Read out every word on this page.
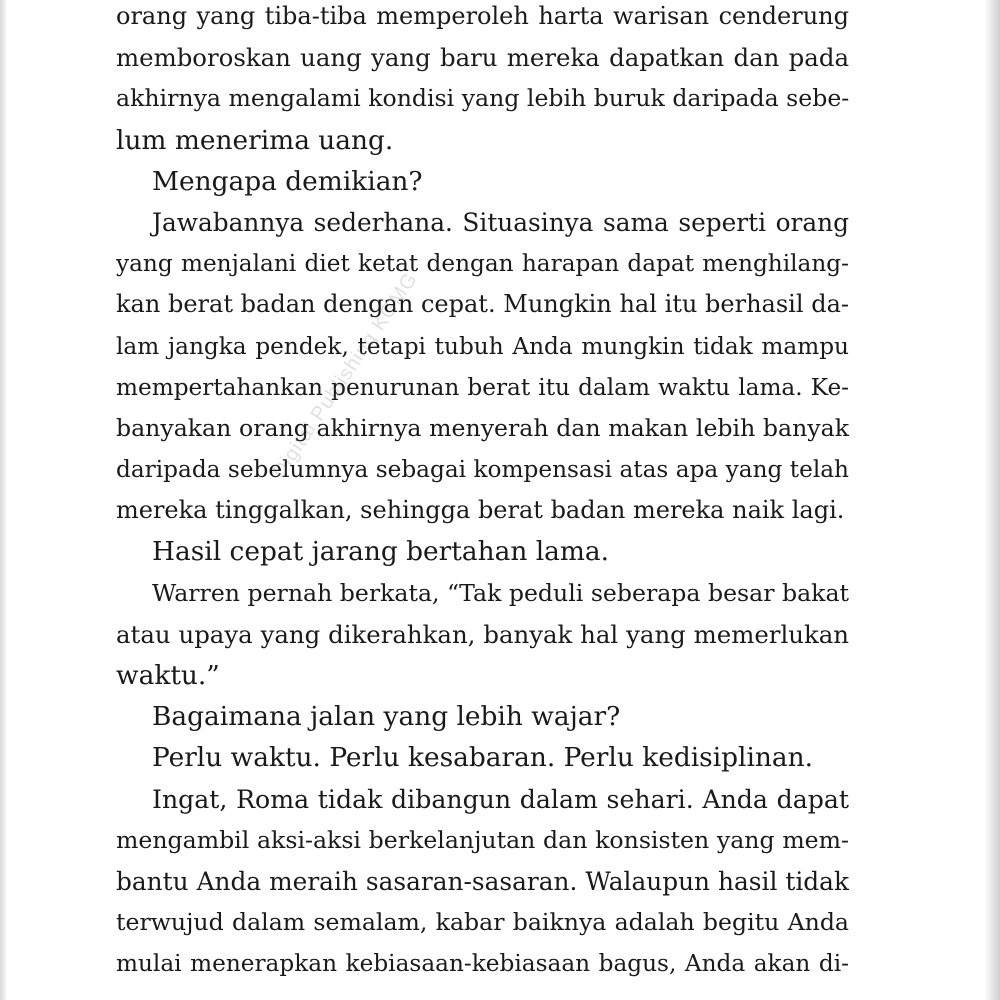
orang yang tiba-tiba memperoleh harta warisan cenderung
memboroskan uang yang baru mereka dapatkan dan pada
akhirnya mengalami kondisi yang lebih buruk daripada sebe-
lum menerima uang.
Mengapa demikian?
Jawabannya sederhana. Situasinya sama seperti orang
yang menjalani diet ketat dengan harapan dapat menghilang-
kan berat badan dengan cepat. Mungkin hal itu berhasil da-
lam jangka pendek, tetapi tubuh Anda mungkin tidak mampu
mempertahankan penurunan berat itu dalam waktu lama. Ke-
banyakan orang akhirnya menyerah dan makan lebih banyak
daripada sebelumnya sebagai kompensasi atas apa yang telah
mereka tinggalkan, sehingga berat badan mereka naik lagi.
Hasil cepat jarang bertahan lama.
Warren pernah berkata, “Tak peduli seberapa besar bakat
atau upaya yang dikerahkan, banyak hal yang memerlukan
waktu.”
Bagaimana jalan yang lebih wajar?
Perlu waktu. Perlu kesabaran. Perlu kedisiplinan.
Ingat, Roma tidak dibangun dalam sehari. Anda dapat
mengambil aksi-aksi berkelanjutan dan konsisten yang mem-
bantu Anda meraih sasaran-sasaran. Walaupun hasil tidak
terwujud dalam semalam, kabar baiknya adalah begitu Anda
mulai menerapkan kebiasaan-kebiasaan bagus, Anda akan di-
Digital Publishing KGMG
